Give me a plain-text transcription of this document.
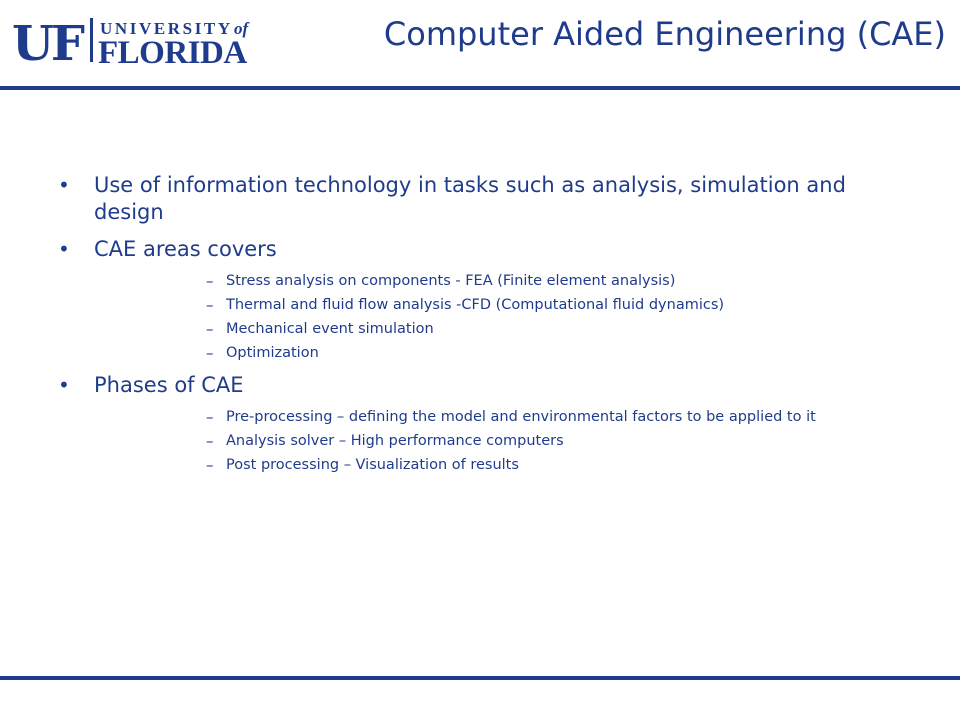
UF UNIVERSITY of
FLORIDA	Computer Aided Engineering (CAE)
• Use of information technology in tasks such as analysis, simulation and design
• CAE areas covers
– Stress analysis on components - FEA (Finite element analysis)
– Thermal and fluid flow analysis -CFD (Computational fluid dynamics)
– Mechanical event simulation
– Optimization
• Phases of CAE
– Pre-processing – defining the model and environmental factors to be applied to it
– Analysis solver – High performance computers
– Post processing – Visualization of results
